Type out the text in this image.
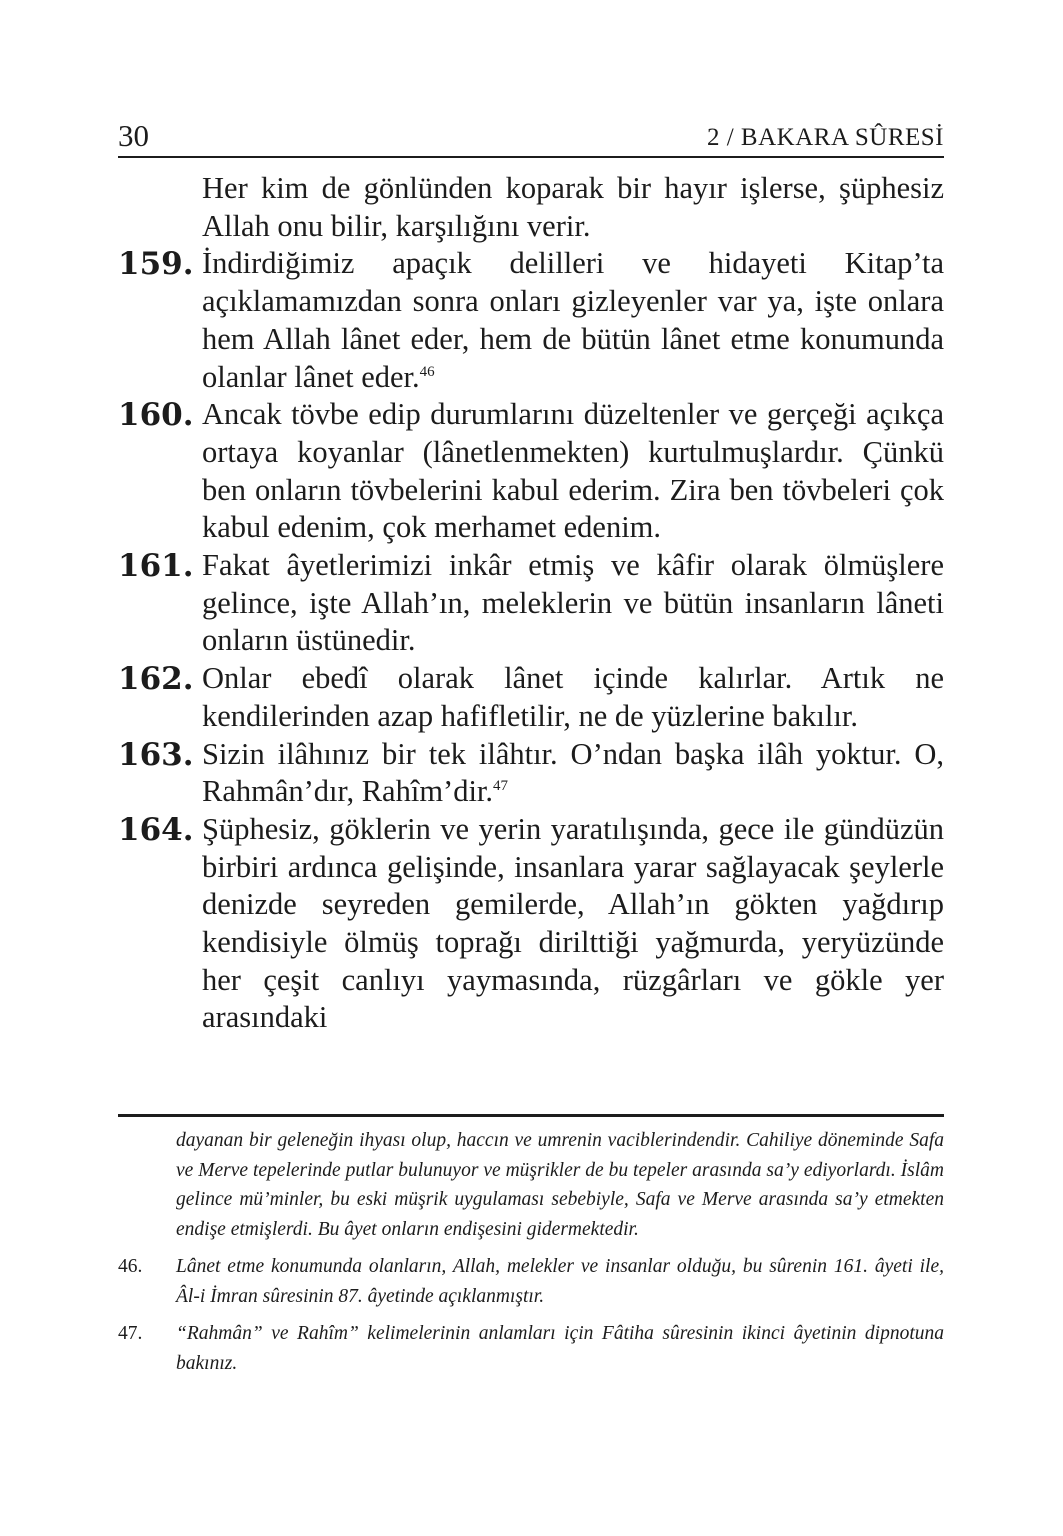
30	2 / BAKARA SÛRESİ
Her kim de gönlünden koparak bir hayır işlerse, şüphesiz Allah onu bilir, karşılığını verir.
159. İndirdiğimiz apaçık delilleri ve hidayeti Kitap’ta açıklamamızdan sonra onları gizleyenler var ya, işte onlara hem Allah lânet eder, hem de bütün lânet etme konumunda olanlar lânet eder.$^{46}$
160. Ancak tövbe edip durumlarını düzeltenler ve gerçeği açıkça ortaya koyanlar (lânetlenmekten) kurtulmuşlardır. Çünkü ben onların tövbelerini kabul ederim. Zira ben tövbeleri çok kabul edenim, çok merhamet edenim.
161. Fakat âyetlerimizi inkâr etmiş ve kâfir olarak ölmüşlere gelince, işte Allah’ın, meleklerin ve bütün insanların lâneti onların üstünedir.
162. Onlar ebedî olarak lânet içinde kalırlar. Artık ne kendilerinden azap hafifletilir, ne de yüzlerine bakılır.
163. Sizin ilâhınız bir tek ilâhtır. O’ndan başka ilâh yoktur. O, Rahmân’dır, Rahîm’dir.$^{47}$
164. Şüphesiz, göklerin ve yerin yaratılışında, gece ile gündüzün birbiri ardınca gelişinde, insanlara yarar sağlayacak şeylerle denizde seyreden gemilerde, Allah’ın gökten yağdırıp kendisiyle ölmüş toprağı dirilttiği yağmurda, yeryüzünde her çeşit canlıyı yaymasında, rüzgârları ve gökle yer arasındaki
dayanan bir geleneğin ihyası olup, haccın ve umrenin vaciblerindendir. Cahiliye döneminde Safa ve Merve tepelerinde putlar bulunuyor ve müşrikler de bu tepeler arasında sa’y ediyorlardı. İslâm gelince mü’minler, bu eski müşrik uygulaması sebebiyle, Safa ve Merve arasında sa’y etmekten endişe etmişlerdi. Bu âyet onların endişesini gidermektedir.
46. Lânet etme konumunda olanların, Allah, melekler ve insanlar olduğu, bu sûrenin 161. âyeti ile, Âl-i İmran sûresinin 87. âyetinde açıklanmıştır.
47. “Rahmân” ve Rahîm” kelimelerinin anlamları için Fâtiha sûresinin ikinci âyetinin dipnotuna bakınız.
